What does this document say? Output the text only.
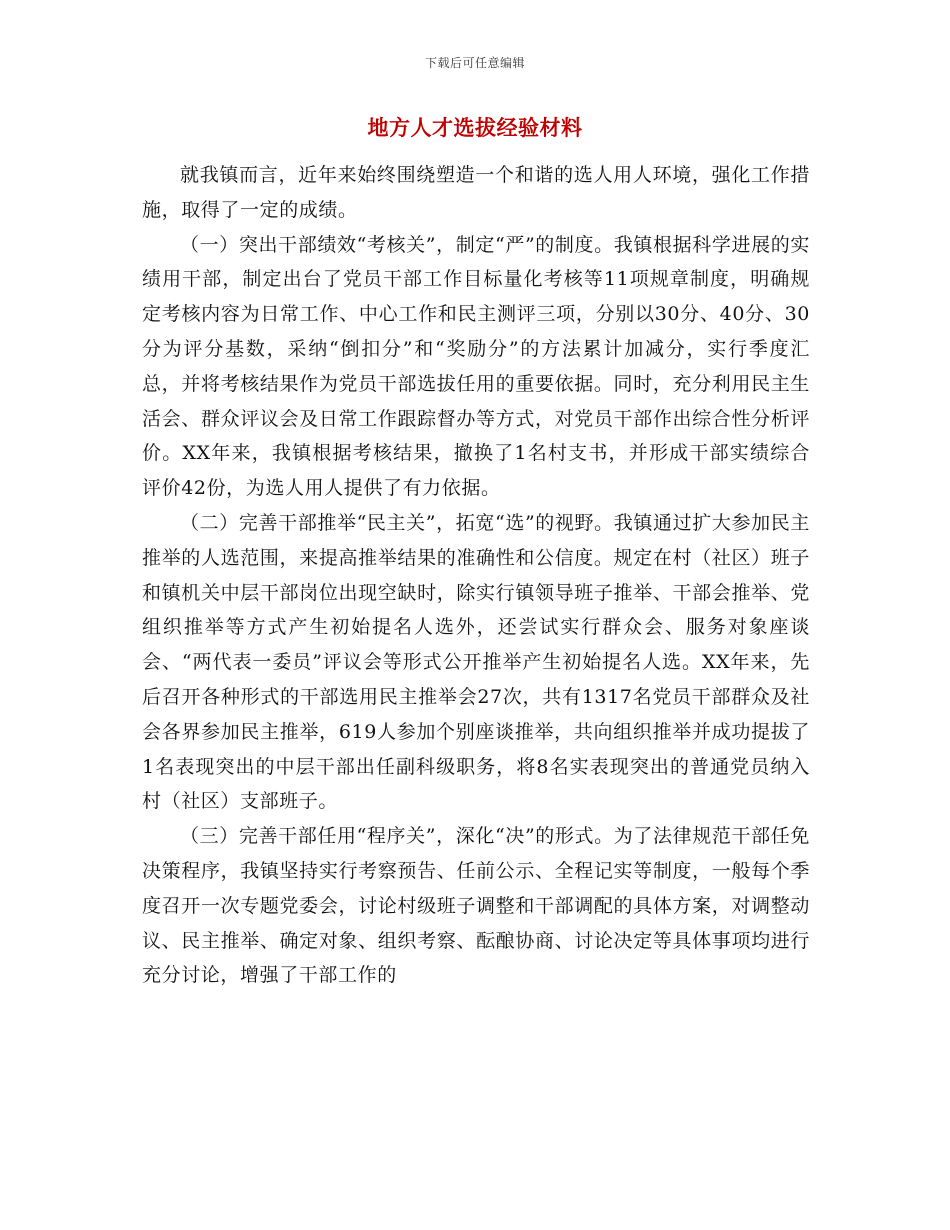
下载后可任意编辑
地方人才选拔经验材料

就我镇而言，近年来始终围绕塑造一个和谐的选人用人环境，强化工作措施，取得了一定的成绩。

（一）突出干部绩效“考核关”，制定“严”的制度。我镇根据科学进展的实绩用干部，制定出台了党员干部工作目标量化考核等11项规章制度，明确规定考核内容为日常工作、中心工作和民主测评三项，分别以30分、40分、30分为评分基数，采纳“倒扣分”和“奖励分”的方法累计加减分，实行季度汇总，并将考核结果作为党员干部选拔任用的重要依据。同时，充分利用民主生活会、群众评议会及日常工作跟踪督办等方式，对党员干部作出综合性分析评价。XX年来，我镇根据考核结果，撤换了1名村支书，并形成干部实绩综合评价42份，为选人用人提供了有力依据。

（二）完善干部推举“民主关”，拓宽“选”的视野。我镇通过扩大参加民主推举的人选范围，来提高推举结果的准确性和公信度。规定在村（社区）班子和镇机关中层干部岗位出现空缺时，除实行镇领导班子推举、干部会推举、党组织推举等方式产生初始提名人选外，还尝试实行群众会、服务对象座谈会、“两代表一委员”评议会等形式公开推举产生初始提名人选。XX年来，先后召开各种形式的干部选用民主推举会27次，共有1317名党员干部群众及社会各界参加民主推举，619人参加个别座谈推举，共向组织推举并成功提拔了1名表现突出的中层干部出任副科级职务，将8名实表现突出的普通党员纳入村（社区）支部班子。

（三）完善干部任用“程序关”，深化“决”的形式。为了法律规范干部任免决策程序，我镇坚持实行考察预告、任前公示、全程记实等制度，一般每个季度召开一次专题党委会，讨论村级班子调整和干部调配的具体方案，对调整动议、民主推举、确定对象、组织考察、酝酿协商、讨论决定等具体事项均进行充分讨论，增强了干部工作的
